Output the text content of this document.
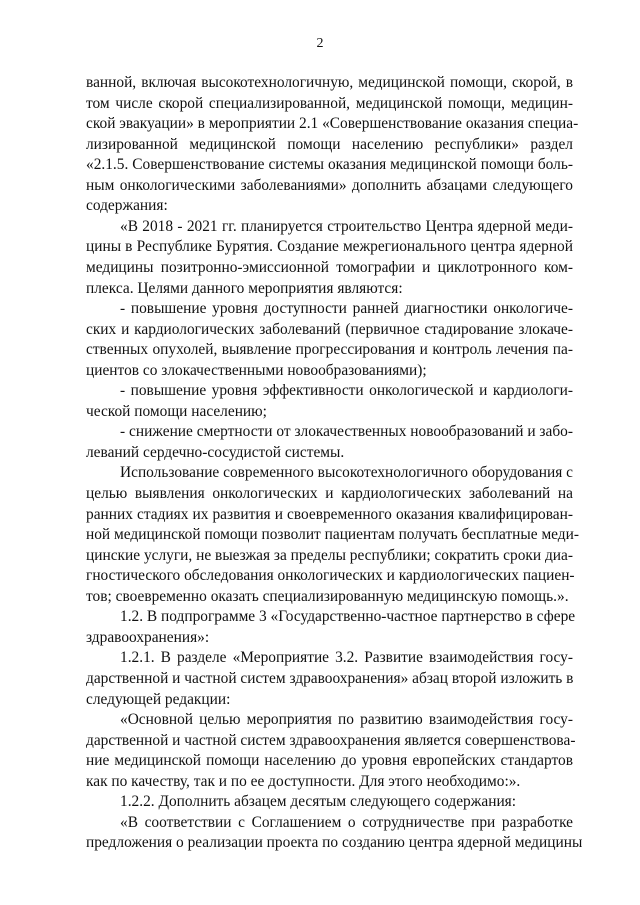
2
ванной, включая высокотехнологичную, медицинской помощи, скорой, в
том числе скорой специализированной, медицинской помощи, медицин-
ской эвакуации» в мероприятии 2.1 «Совершенствование оказания специа-
лизированной медицинской помощи населению республики» раздел
«2.1.5. Совершенствование системы оказания медицинской помощи боль-
ным онкологическими заболеваниями» дополнить абзацами следующего
содержания:
«В 2018 - 2021 гг. планируется строительство Центра ядерной меди-
цины в Республике Бурятия. Создание межрегионального центра ядерной
медицины позитронно-эмиссионной томографии и циклотронного ком-
плекса. Целями данного мероприятия являются:
- повышение уровня доступности ранней диагностики онкологиче-
ских и кардиологических заболеваний (первичное стадирование злокаче-
ственных опухолей, выявление прогрессирования и контроль лечения па-
циентов со злокачественными новообразованиями);
- повышение уровня эффективности онкологической и кардиологи-
ческой помощи населению;
- снижение смертности от злокачественных новообразований и забо-
леваний сердечно-сосудистой системы.
Использование современного высокотехнологичного оборудования с
целью выявления онкологических и кардиологических заболеваний на
ранних стадиях их развития и своевременного оказания квалифицирован-
ной медицинской помощи позволит пациентам получать бесплатные меди-
цинские услуги, не выезжая за пределы республики; сократить сроки диа-
гностического обследования онкологических и кардиологических пациен-
тов; своевременно оказать специализированную медицинскую помощь.».
1.2. В подпрограмме 3 «Государственно-частное партнерство в сфере
здравоохранения»:
1.2.1. В разделе «Мероприятие 3.2. Развитие взаимодействия госу-
дарственной и частной систем здравоохранения» абзац второй изложить в
следующей редакции:
«Основной целью мероприятия по развитию взаимодействия госу-
дарственной и частной систем здравоохранения является совершенствова-
ние медицинской помощи населению до уровня европейских стандартов
как по качеству, так и по ее доступности. Для этого необходимо:».
1.2.2. Дополнить абзацем десятым следующего содержания:
«В соответствии с Соглашением о сотрудничестве при разработке
предложения о реализации проекта по созданию центра ядерной медицины
